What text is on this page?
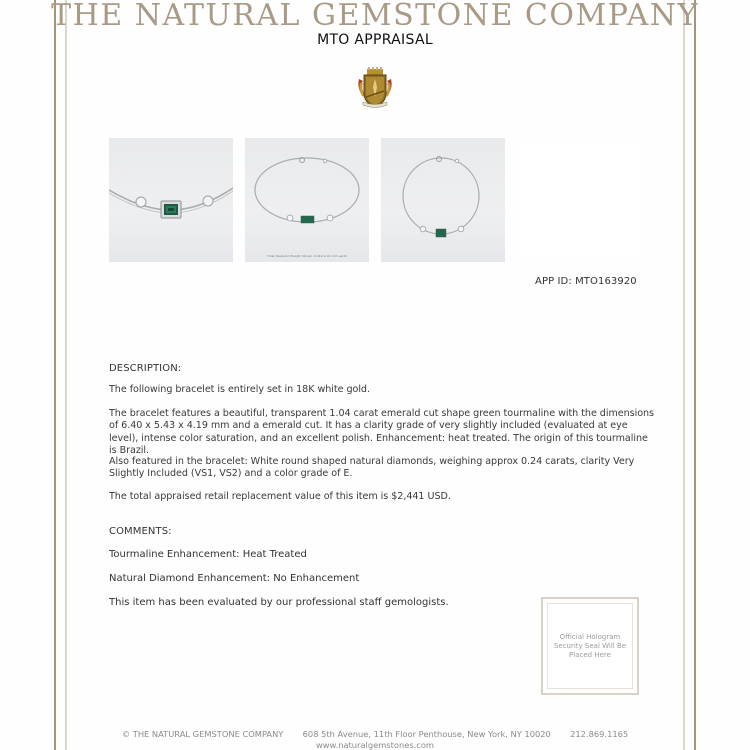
THE NATURAL GEMSTONE COMPANY
MTO APPRAISAL
Total Diamond Weight Shown: 0.24tcw (0.12ct each)
APP ID: MTO163920
DESCRIPTION:
The following bracelet is entirely set in 18K white gold.
The bracelet features a beautiful, transparent 1.04 carat emerald cut shape green tourmaline with the dimensions of 6.40 x 5.43 x 4.19 mm and a emerald cut. It has a clarity grade of very slightly included (evaluated at eye level), intense color saturation, and an excellent polish. Enhancement: heat treated. The origin of this tourmaline is Brazil.
Also featured in the bracelet: White round shaped natural diamonds, weighing approx 0.24 carats, clarity Very Slightly Included (VS1, VS2) and a color grade of E.
The total appraised retail replacement value of this item is $2,441 USD.
COMMENTS:
Tourmaline Enhancement: Heat Treated
Natural Diamond Enhancement: No Enhancement
This item has been evaluated by our professional staff gemologists.
Official Hologram Security Seal Will Be Placed Here
© THE NATURAL GEMSTONE COMPANY 608 5th Avenue, 11th Floor Penthouse, New York, NY 10020 212.869.1165
www.naturalgemstones.com
